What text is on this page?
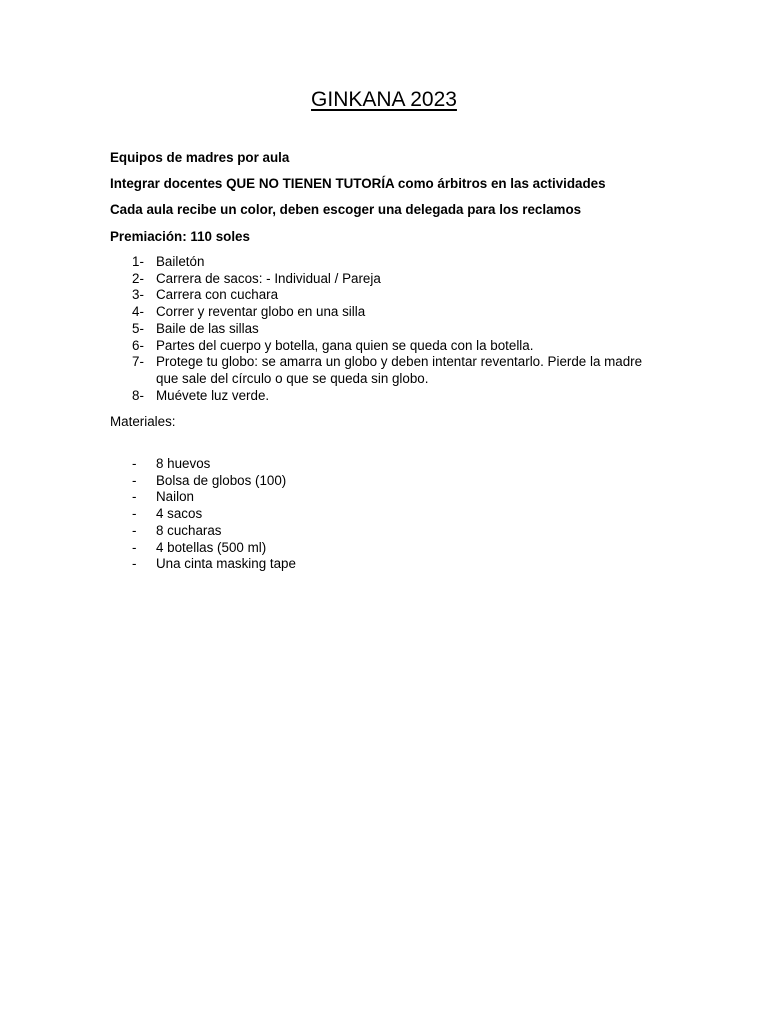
GINKANA 2023

Equipos de madres por aula

Integrar docentes QUE NO TIENEN TUTORÍA como árbitros en las actividades

Cada aula recibe un color, deben escoger una delegada para los reclamos

Premiación: 110 soles

1- Bailetón
2- Carrera de sacos: - Individual / Pareja
3- Carrera con cuchara
4- Correr y reventar globo en una silla
5- Baile de las sillas
6- Partes del cuerpo y botella, gana quien se queda con la botella.
7- Protege tu globo: se amarra un globo y deben intentar reventarlo. Pierde la madre que sale del círculo o que se queda sin globo.
8- Muévete luz verde.

Materiales:

- 8 huevos
- Bolsa de globos (100)
- Nailon
- 4 sacos
- 8 cucharas
- 4 botellas (500 ml)
- Una cinta masking tape
